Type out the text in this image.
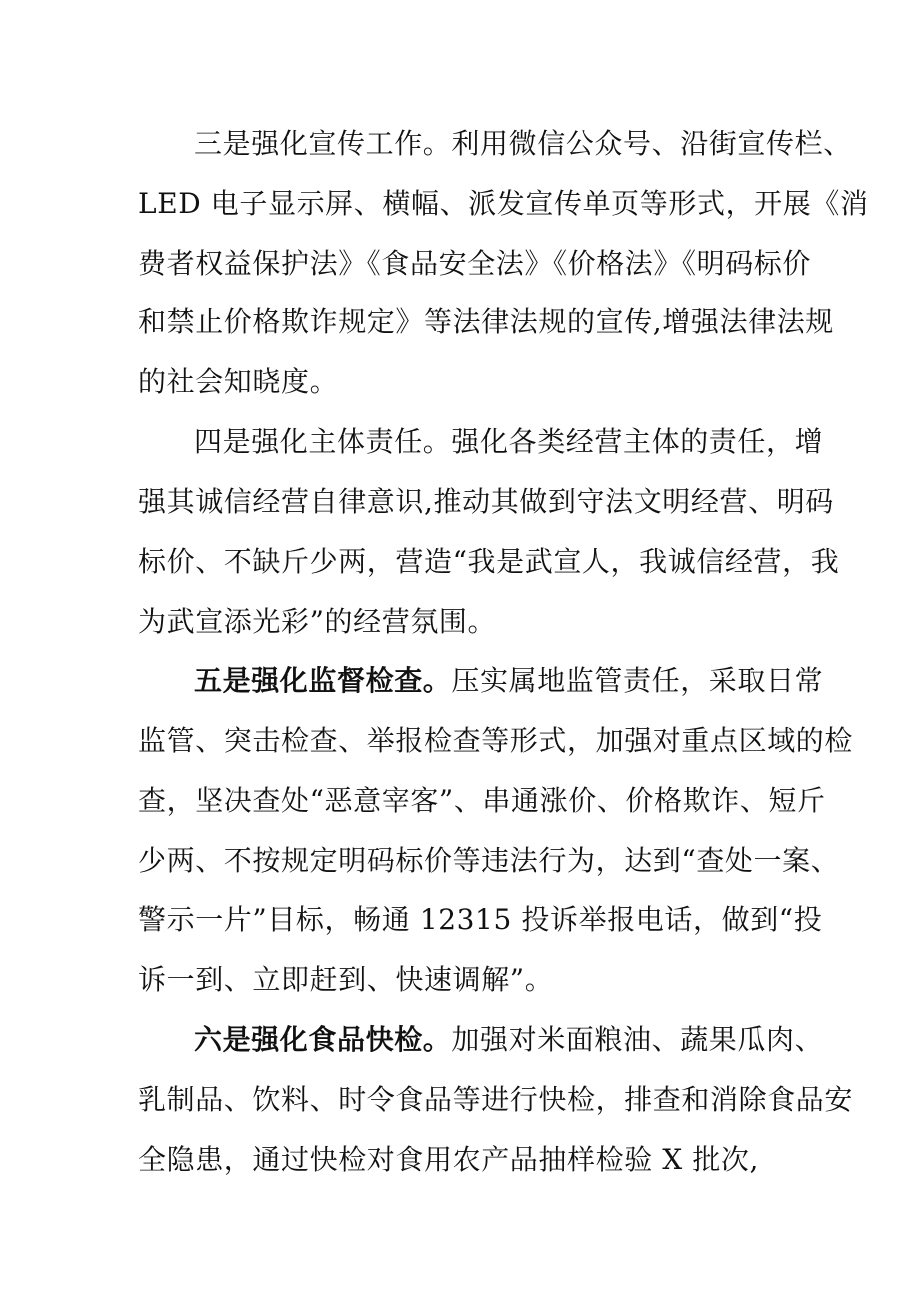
三是强化宣传工作。利用微信公众号、沿街宣传栏、
LED 电子显示屏、横幅、派发宣传单页等形式，开展《消
费者权益保护法》《食品安全法》《价格法》《明码标价
和禁止价格欺诈规定》等法律法规的宣传,增强法律法规
的社会知晓度。
四是强化主体责任。强化各类经营主体的责任，增
强其诚信经营自律意识,推动其做到守法文明经营、明码
标价、不缺斤少两，营造“我是武宣人，我诚信经营，我
为武宣添光彩”的经营氛围。
五是强化监督检查。压实属地监管责任，采取日常
监管、突击检查、举报检查等形式，加强对重点区域的检
查，坚决查处“恶意宰客”、串通涨价、价格欺诈、短斤
少两、不按规定明码标价等违法行为，达到“查处一案、
警示一片”目标，畅通 12315 投诉举报电话，做到“投
诉一到、立即赶到、快速调解”。
六是强化食品快检。加强对米面粮油、蔬果瓜肉、
乳制品、饮料、时令食品等进行快检，排查和消除食品安
全隐患，通过快检对食用农产品抽样检验 X 批次,
